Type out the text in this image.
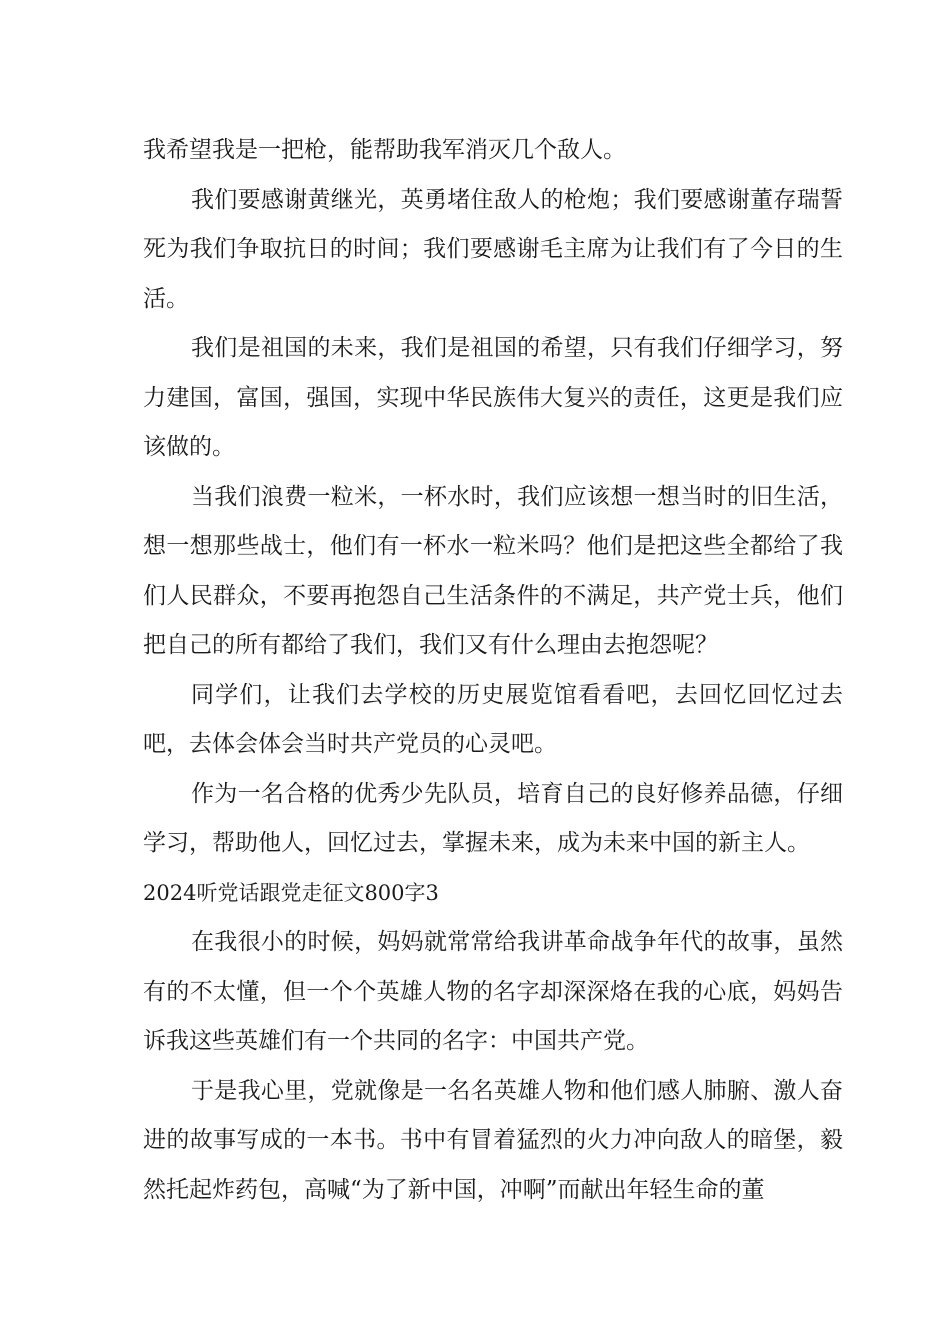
我希望我是一把枪，能帮助我军消灭几个敌人。

我们要感谢黄继光，英勇堵住敌人的枪炮；我们要感谢董存瑞誓死为我们争取抗日的时间；我们要感谢毛主席为让我们有了今日的生活。

我们是祖国的未来，我们是祖国的希望，只有我们仔细学习，努力建国，富国，强国，实现中华民族伟大复兴的责任，这更是我们应该做的。

当我们浪费一粒米，一杯水时，我们应该想一想当时的旧生活，想一想那些战士，他们有一杯水一粒米吗？他们是把这些全都给了我们人民群众，不要再抱怨自己生活条件的不满足，共产党士兵，他们把自己的所有都给了我们，我们又有什么理由去抱怨呢？

同学们，让我们去学校的历史展览馆看看吧，去回忆回忆过去吧，去体会体会当时共产党员的心灵吧。

作为一名合格的优秀少先队员，培育自己的良好修养品德，仔细学习，帮助他人，回忆过去，掌握未来，成为未来中国的新主人。

2024听党话跟党走征文800字3

在我很小的时候，妈妈就常常给我讲革命战争年代的故事，虽然有的不太懂，但一个个英雄人物的名字却深深烙在我的心底，妈妈告诉我这些英雄们有一个共同的名字：中国共产党。

于是我心里，党就像是一名名英雄人物和他们感人肺腑、激人奋进的故事写成的一本书。书中有冒着猛烈的火力冲向敌人的暗堡，毅然托起炸药包，高喊“为了新中国，冲啊”而献出年轻生命的董
